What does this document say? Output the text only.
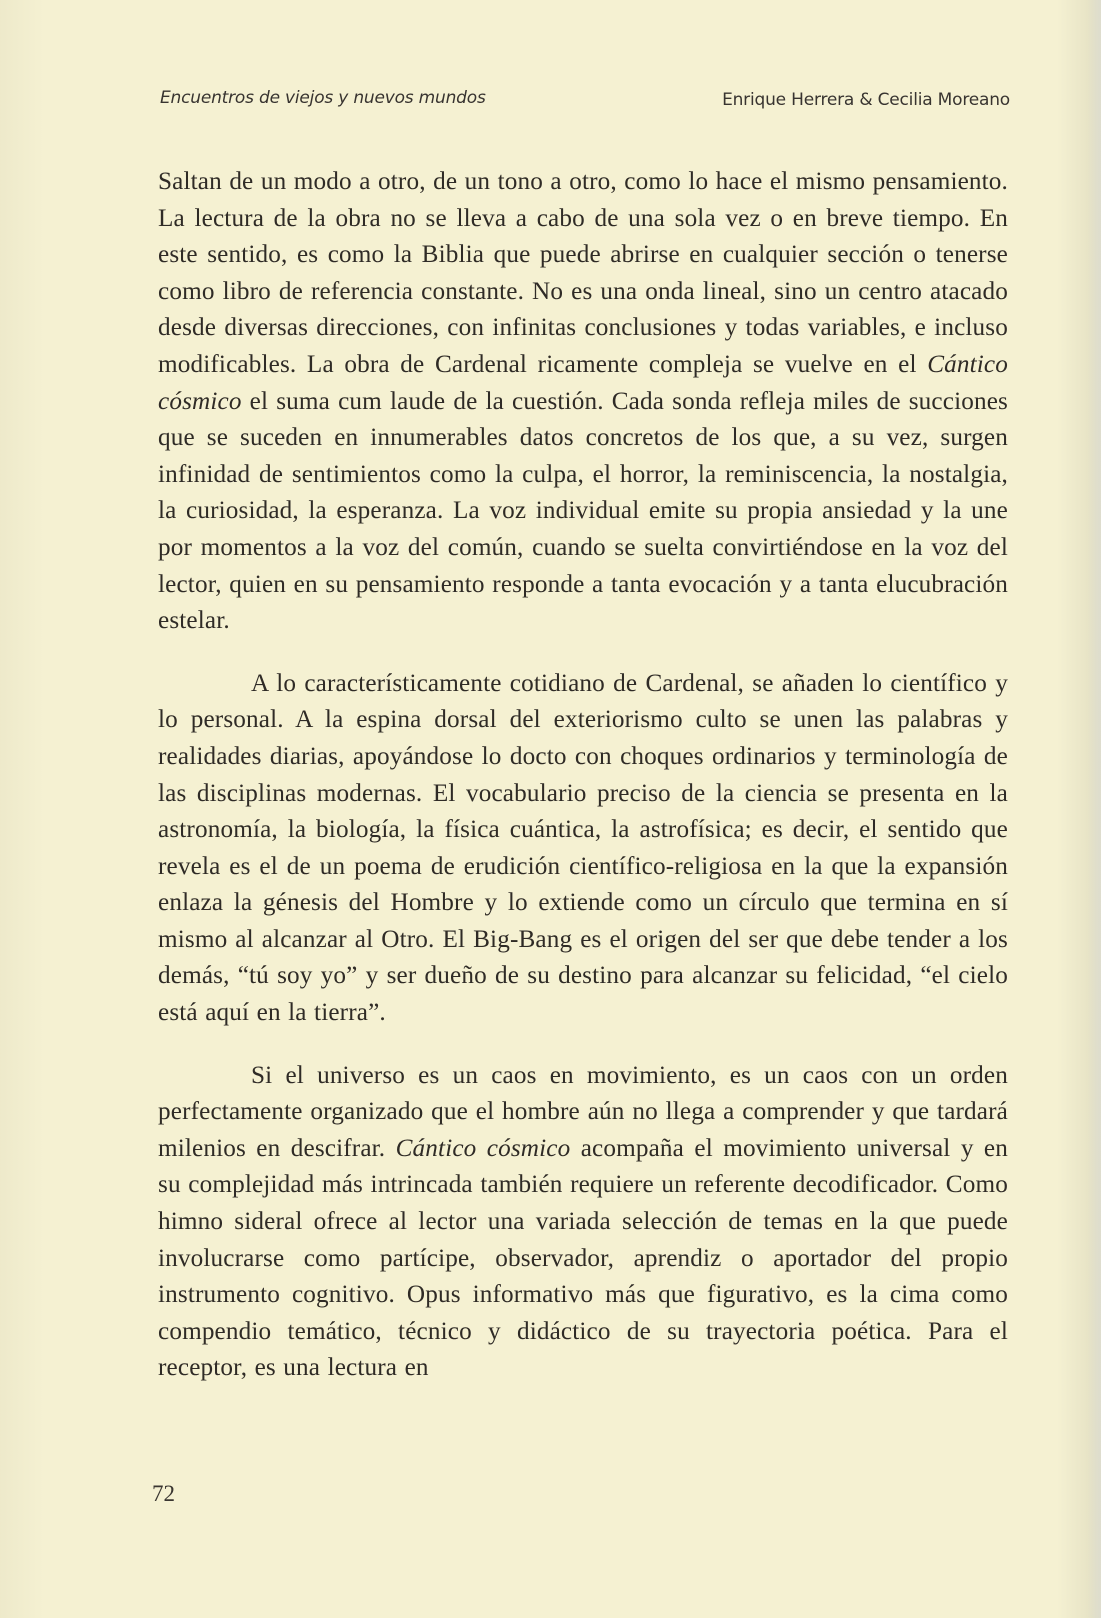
Encuentros de viejos y nuevos mundos	Enrique Herrera & Cecilia Moreano

Saltan de un modo a otro, de un tono a otro, como lo hace el mismo pensamiento. La lectura de la obra no se lleva a cabo de una sola vez o en breve tiempo. En este sentido, es como la Biblia que puede abrirse en cualquier sección o tenerse como libro de referencia constante. No es una onda lineal, sino un centro atacado desde diversas direcciones, con infinitas conclusiones y todas variables, e incluso modificables. La obra de Cardenal ricamente compleja se vuelve en el Cántico cósmico el suma cum laude de la cuestión. Cada sonda refleja miles de succiones que se suceden en innumerables datos concretos de los que, a su vez, surgen infinidad de sentimientos como la culpa, el horror, la reminiscencia, la nostalgia, la curiosidad, la esperanza. La voz individual emite su propia ansiedad y la une por momentos a la voz del común, cuando se suelta convirtiéndose en la voz del lector, quien en su pensamiento responde a tanta evocación y a tanta elucubración estelar.

A lo característicamente cotidiano de Cardenal, se añaden lo científico y lo personal. A la espina dorsal del exteriorismo culto se unen las palabras y realidades diarias, apoyándose lo docto con choques ordinarios y terminología de las disciplinas modernas. El vocabulario preciso de la ciencia se presenta en la astronomía, la biología, la física cuántica, la astrofísica; es decir, el sentido que revela es el de un poema de erudición científico-religiosa en la que la expansión enlaza la génesis del Hombre y lo extiende como un círculo que termina en sí mismo al alcanzar al Otro. El Big-Bang es el origen del ser que debe tender a los demás, “tú soy yo” y ser dueño de su destino para alcanzar su felicidad, “el cielo está aquí en la tierra”.

Si el universo es un caos en movimiento, es un caos con un orden perfectamente organizado que el hombre aún no llega a comprender y que tardará milenios en descifrar. Cántico cósmico acompaña el movimiento universal y en su complejidad más intrincada también requiere un referente decodificador. Como himno sideral ofrece al lector una variada selección de temas en la que puede involucrarse como partícipe, observador, aprendiz o aportador del propio instrumento cognitivo. Opus informativo más que figurativo, es la cima como compendio temático, técnico y didáctico de su trayectoria poética. Para el receptor, es una lectura en

72
